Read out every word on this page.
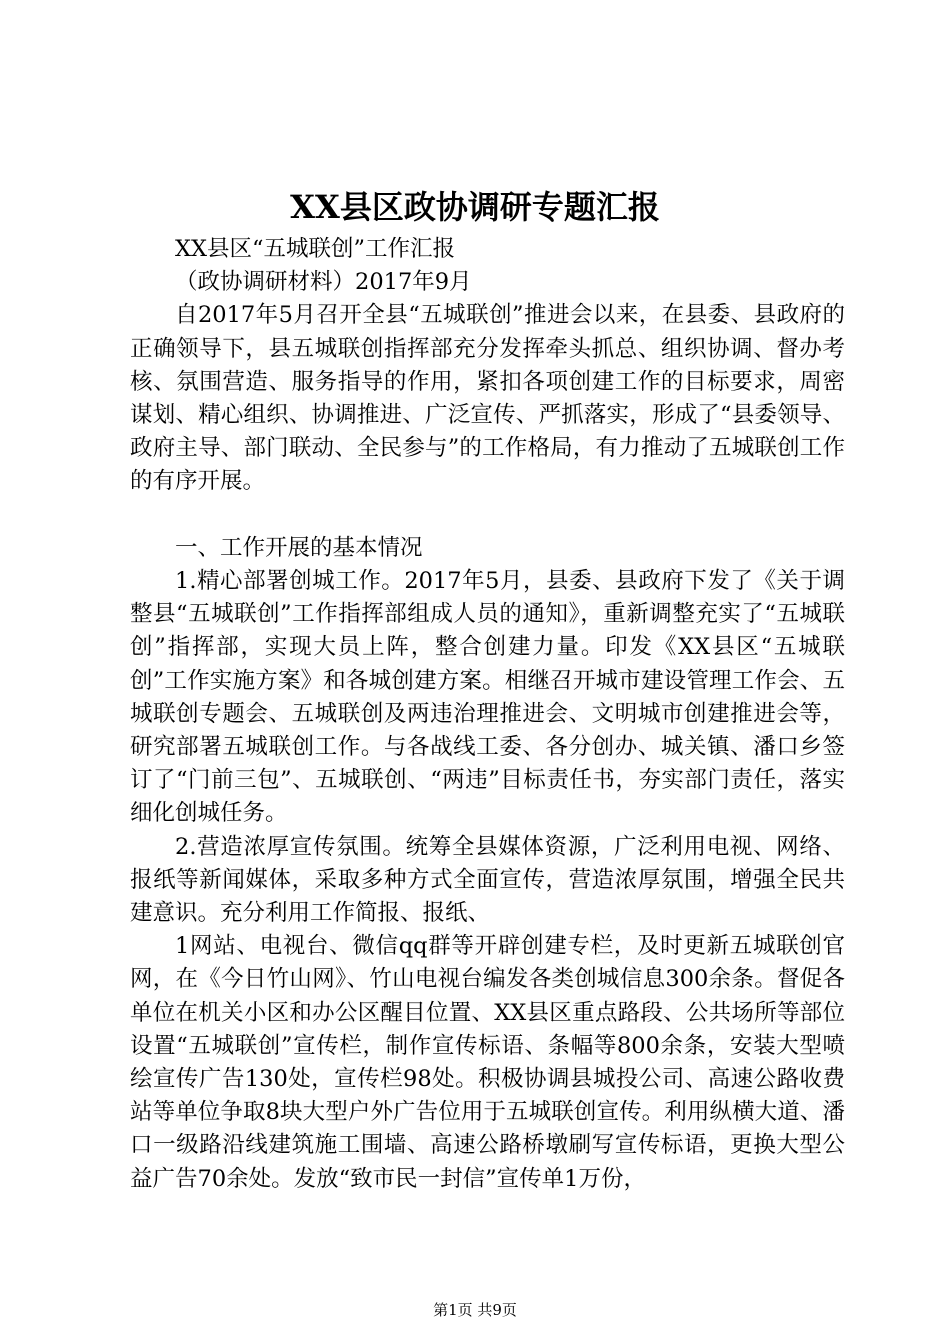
XX县区政协调研专题汇报

XX县区“五城联创”工作汇报

（政协调研材料）2017年9月

自2017年5月召开全县“五城联创”推进会以来，在县委、县政府的正确领导下，县五城联创指挥部充分发挥牵头抓总、组织协调、督办考核、氛围营造、服务指导的作用，紧扣各项创建工作的目标要求，周密谋划、精心组织、协调推进、广泛宣传、严抓落实，形成了“县委领导、政府主导、部门联动、全民参与”的工作格局，有力推动了五城联创工作的有序开展。

一、工作开展的基本情况

1.精心部署创城工作。2017年5月，县委、县政府下发了《关于调整县“五城联创”工作指挥部组成人员的通知》，重新调整充实了“五城联创”指挥部，实现大员上阵，整合创建力量。印发《XX县区“五城联创”工作实施方案》和各城创建方案。相继召开城市建设管理工作会、五城联创专题会、五城联创及两违治理推进会、文明城市创建推进会等，研究部署五城联创工作。与各战线工委、各分创办、城关镇、潘口乡签订了“门前三包”、五城联创、“两违”目标责任书，夯实部门责任，落实细化创城任务。

2.营造浓厚宣传氛围。统筹全县媒体资源，广泛利用电视、网络、报纸等新闻媒体，采取多种方式全面宣传，营造浓厚氛围，增强全民共建意识。充分利用工作简报、报纸、

1网站、电视台、微信qq群等开辟创建专栏，及时更新五城联创官网，在《今日竹山网》、竹山电视台编发各类创城信息300余条。督促各单位在机关小区和办公区醒目位置、XX县区重点路段、公共场所等部位设置“五城联创”宣传栏，制作宣传标语、条幅等800余条，安装大型喷绘宣传广告130处，宣传栏98处。积极协调县城投公司、高速公路收费站等单位争取8块大型户外广告位用于五城联创宣传。利用纵横大道、潘口一级路沿线建筑施工围墙、高速公路桥墩刷写宣传标语，更换大型公益广告70余处。发放“致市民一封信”宣传单1万份，

第1页 共9页
